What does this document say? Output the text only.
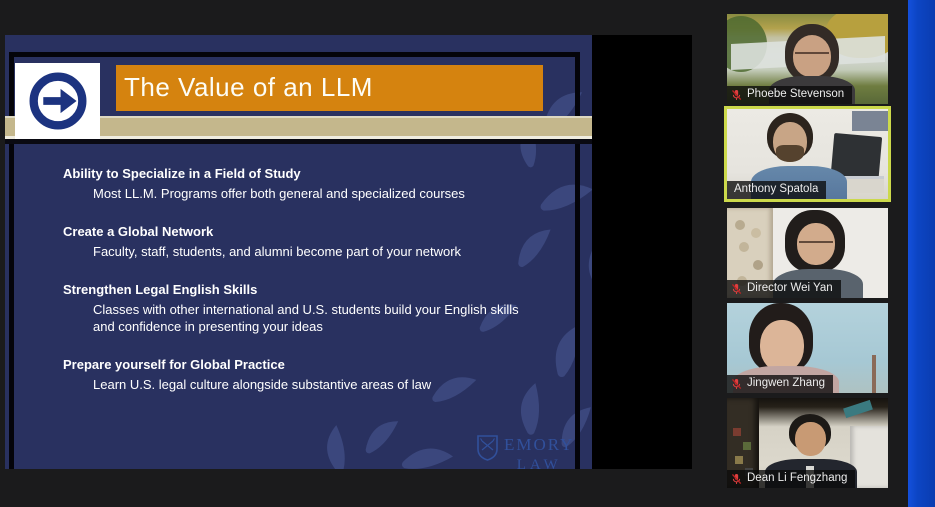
The Value of an LLM
Ability to Specialize in a Field of Study
Most LL.M. Programs offer both general and specialized courses
Create a Global Network
Faculty, staff, students, and alumni become part of your network
Strengthen Legal English Skills
Classes with other international and U.S. students build your English skills
and confidence in presenting your ideas
Prepare yourself for Global Practice
Learn U.S. legal culture alongside substantive areas of law
EMORY
LAW
Phoebe Stevenson
Anthony Spatola
Director Wei Yan
Jingwen Zhang
Dean Li Fengzhang
